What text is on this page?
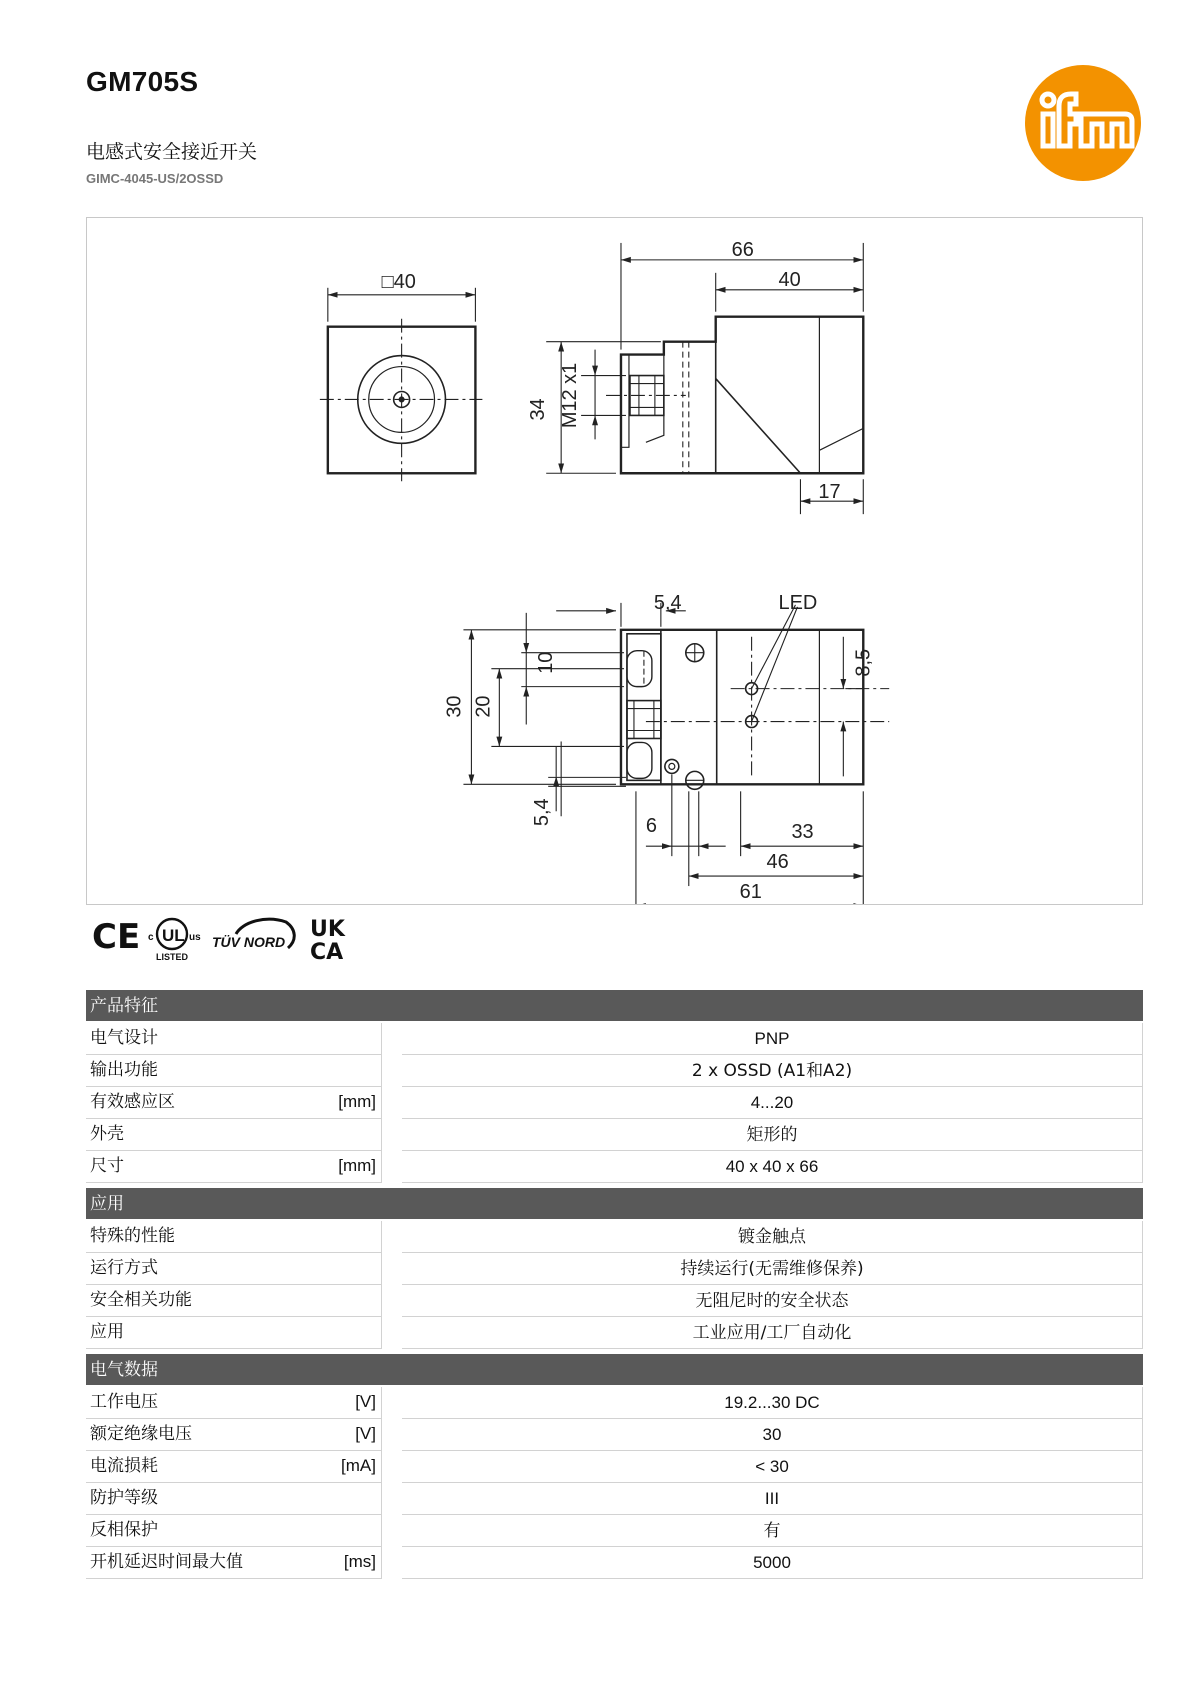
GM705S

电感式安全接近开关

GIMC-4045-US/2OSSD
□40
66
40
34 M12 x1
17
5,4	LED
10
30 20
8,5
5,4
6	33
46
61
CE c UL us
LISTED
TÜV NORD UK
CA
产品特征
电气设计	PNP
输出功能	2 x OSSD (A1和A2)
有效感应区	[mm]	4...20
外壳	矩形的
尺寸	[mm]	40 x 40 x 66
应用
特殊的性能	镀金触点
运行方式	持续运行(无需维修保养)
安全相关功能	无阻尼时的安全状态
应用	工业应用/工厂自动化
电气数据
工作电压	[V]	19.2...30 DC
额定绝缘电压	[V]	30
电流损耗	[mA]	< 30
防护等级	III
反相保护	有
开机延迟时间最大值	[ms]	5000
